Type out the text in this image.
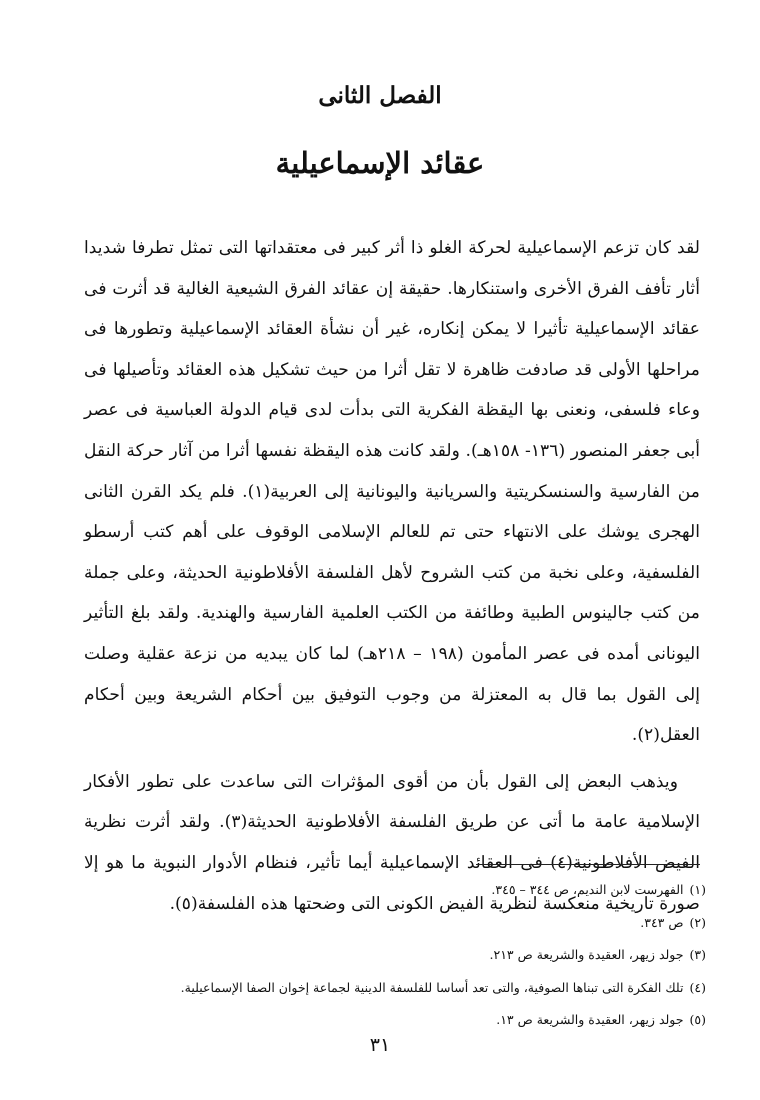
الفصل الثانى
عقائد الإسماعيلية

لقد كان تزعم الإسماعيلية لحركة الغلو ذا أثر كبير فى معتقداتها التى تمثل تطرفا شديدا أثار تأفف الفرق الأخرى واستنكارها. حقيقة إن عقائد الفرق الشيعية الغالية قد أثرت فى عقائد الإسماعيلية تأثيرا لا يمكن إنكاره، غير أن نشأة العقائد الإسماعيلية وتطورها فى مراحلها الأولى قد صادفت ظاهرة لا تقل أثرا من حيث تشكيل هذه العقائد وتأصيلها فى وعاء فلسفى، ونعنى بها اليقظة الفكرية التى بدأت لدى قيام الدولة العباسية فى عصر أبى جعفر المنصور (١٣٦- ١٥٨هـ). ولقد كانت هذه اليقظة نفسها أثرا من آثار حركة النقل من الفارسية والسنسكريتية والسريانية واليونانية إلى العربية(١). فلم يكد القرن الثانى الهجرى يوشك على الانتهاء حتى تم للعالم الإسلامى الوقوف على أهم كتب أرسطو الفلسفية، وعلى نخبة من كتب الشروح لأهل الفلسفة الأفلاطونية الحديثة، وعلى جملة من كتب جالينوس الطبية وطائفة من الكتب العلمية الفارسية والهندية. ولقد بلغ التأثير اليونانى أمده فى عصر المأمون (١٩٨ – ٢١٨هـ) لما كان يبديه من نزعة عقلية وصلت إلى القول بما قال به المعتزلة من وجوب التوفيق بين أحكام الشريعة وبين أحكام العقل(٢).

ويذهب البعض إلى القول بأن من أقوى المؤثرات التى ساعدت على تطور الأفكار الإسلامية عامة ما أتى عن طريق الفلسفة الأفلاطونية الحديثة(٣). ولقد أثرت نظرية الفيض الأفلاطونية(٤) فى العقائد الإسماعيلية أيما تأثير، فنظام الأدوار النبوية ما هو إلا صورة تاريخية منعكسة لنظرية الفيض الكونى التى وضحتها هذه الفلسفة(٥).

(١)الفهرست لابن النديم، ص ٣٤٤ – ٣٤٥.
(٢)ص ٣٤٣.
(٣)جولد زيهر، العقيدة والشريعة ص ٢١٣.
(٤)تلك الفكرة التى تبناها الصوفية، والتى تعد أساسا للفلسفة الدينية لجماعة إخوان الصفا الإسماعيلية.
(٥)جولد زيهر، العقيدة والشريعة ص ١٣.
٣١
